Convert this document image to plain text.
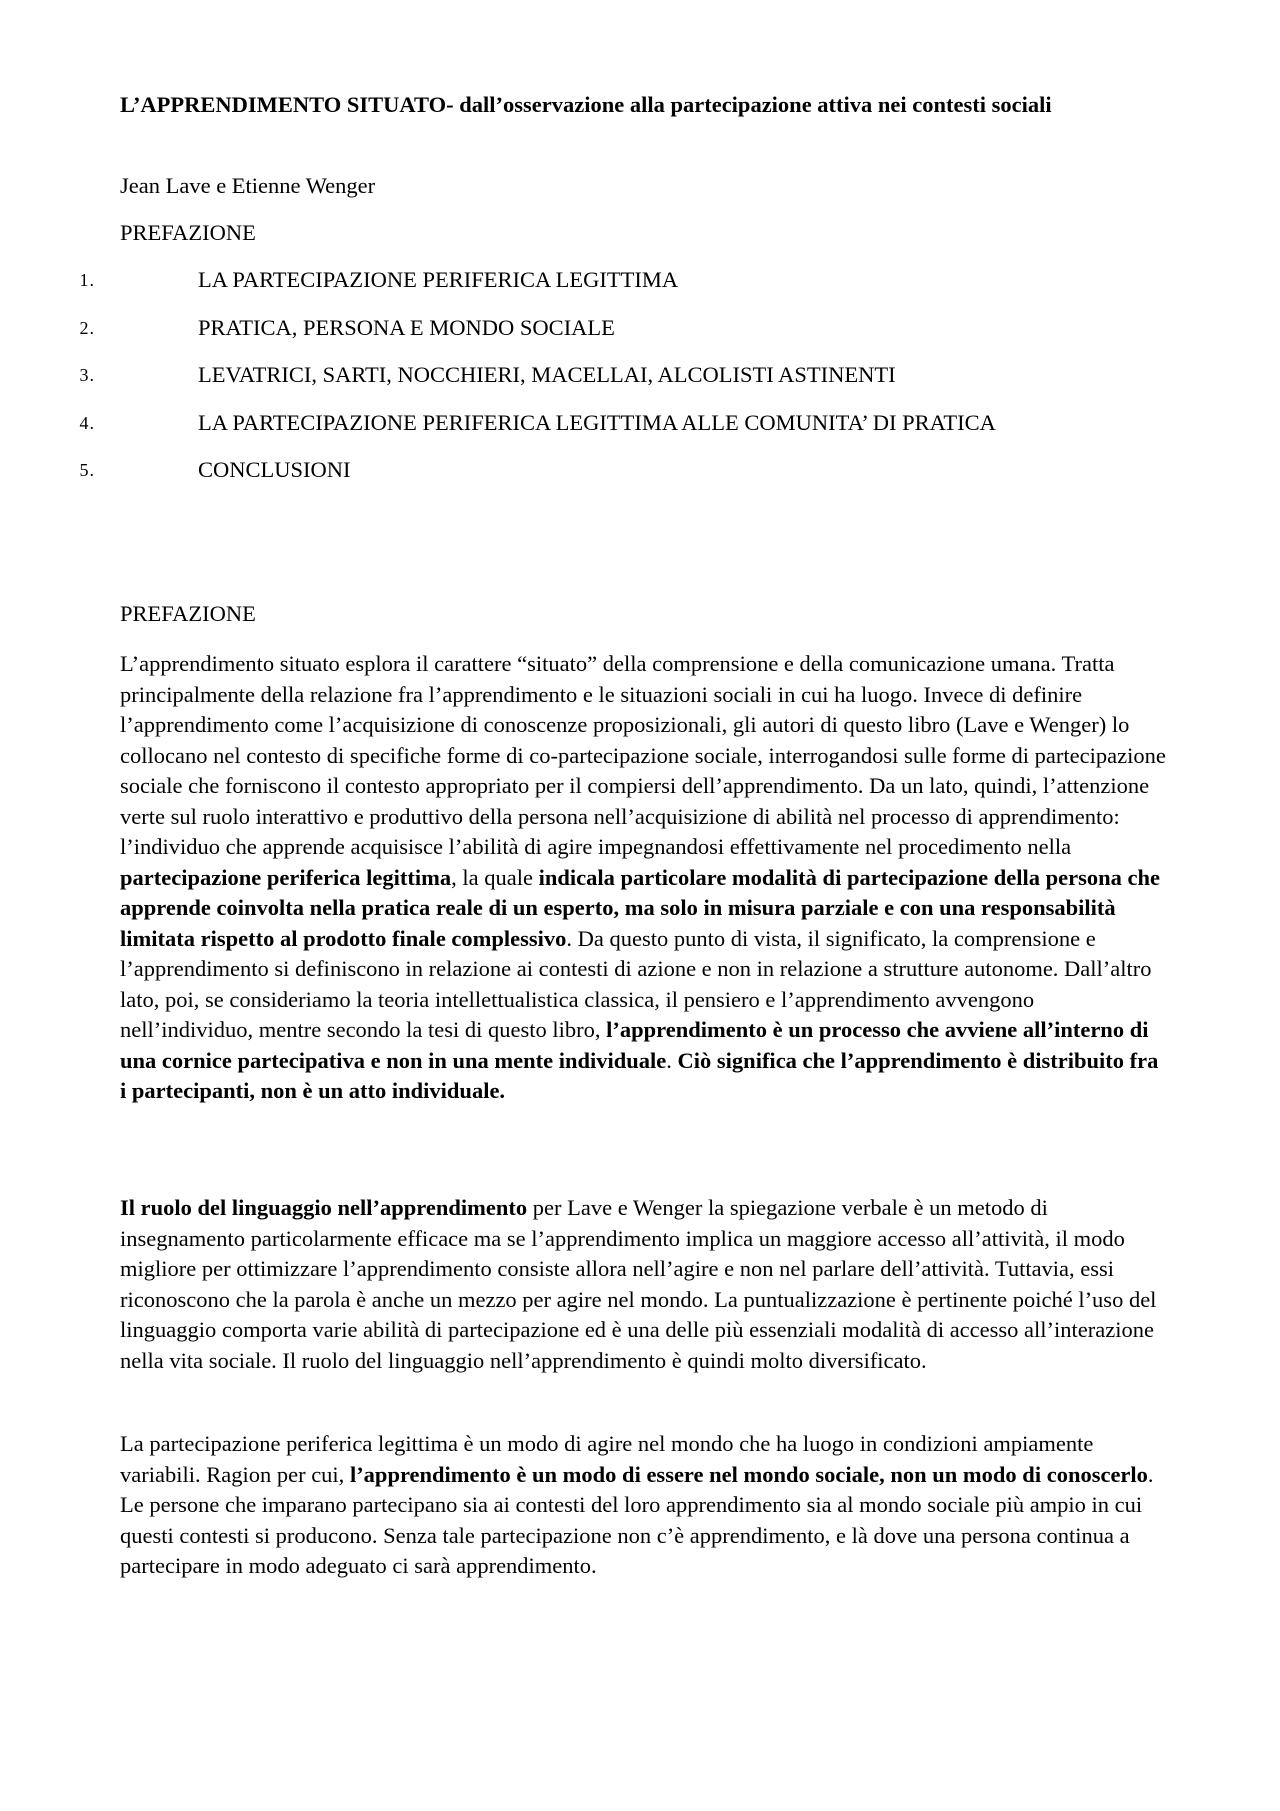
L’APPRENDIMENTO SITUATO- dall’osservazione alla partecipazione attiva nei contesti sociali

Jean Lave e Etienne Wenger

PREFAZIONE

1.	LA PARTECIPAZIONE PERIFERICA LEGITTIMA
2.	PRATICA, PERSONA E MONDO SOCIALE
3.	LEVATRICI, SARTI, NOCCHIERI, MACELLAI, ALCOLISTI ASTINENTI
4.	LA PARTECIPAZIONE PERIFERICA LEGITTIMA ALLE COMUNITA’ DI PRATICA
5.	CONCLUSIONI

PREFAZIONE

L’apprendimento situato esplora il carattere “situato” della comprensione e della comunicazione umana. Tratta principalmente della relazione fra l’apprendimento e le situazioni sociali in cui ha luogo. Invece di definire l’apprendimento come l’acquisizione di conoscenze proposizionali, gli autori di questo libro (Lave e Wenger) lo collocano nel contesto di specifiche forme di co-partecipazione sociale, interrogandosi sulle forme di partecipazione sociale che forniscono il contesto appropriato per il compiersi dell’apprendimento. Da un lato, quindi, l’attenzione verte sul ruolo interattivo e produttivo della persona nell’acquisizione di abilità nel processo di apprendimento: l’individuo che apprende acquisisce l’abilità di agire impegnandosi effettivamente nel procedimento nella partecipazione periferica legittima, la quale indicala particolare modalità di partecipazione della persona che apprende coinvolta nella pratica reale di un esperto, ma solo in misura parziale e con una responsabilità limitata rispetto al prodotto finale complessivo. Da questo punto di vista, il significato, la comprensione e l’apprendimento si definiscono in relazione ai contesti di azione e non in relazione a strutture autonome. Dall’altro lato, poi, se consideriamo la teoria intellettualistica classica, il pensiero e l’apprendimento avvengono nell’individuo, mentre secondo la tesi di questo libro, l’apprendimento è un processo che avviene all’interno di una cornice partecipativa e non in una mente individuale. Ciò significa che l’apprendimento è distribuito fra i partecipanti, non è un atto individuale.

Il ruolo del linguaggio nell’apprendimento per Lave e Wenger la spiegazione verbale è un metodo di insegnamento particolarmente efficace ma se l’apprendimento implica un maggiore accesso all’attività, il modo migliore per ottimizzare l’apprendimento consiste allora nell’agire e non nel parlare dell’attività. Tuttavia, essi riconoscono che la parola è anche un mezzo per agire nel mondo. La puntualizzazione è pertinente poiché l’uso del linguaggio comporta varie abilità di partecipazione ed è una delle più essenziali modalità di accesso all’interazione nella vita sociale. Il ruolo del linguaggio nell’apprendimento è quindi molto diversificato.

La partecipazione periferica legittima è un modo di agire nel mondo che ha luogo in condizioni ampiamente variabili. Ragion per cui, l’apprendimento è un modo di essere nel mondo sociale, non un modo di conoscerlo. Le persone che imparano partecipano sia ai contesti del loro apprendimento sia al mondo sociale più ampio in cui questi contesti si producono. Senza tale partecipazione non c’è apprendimento, e là dove una persona continua a partecipare in modo adeguato ci sarà apprendimento.
